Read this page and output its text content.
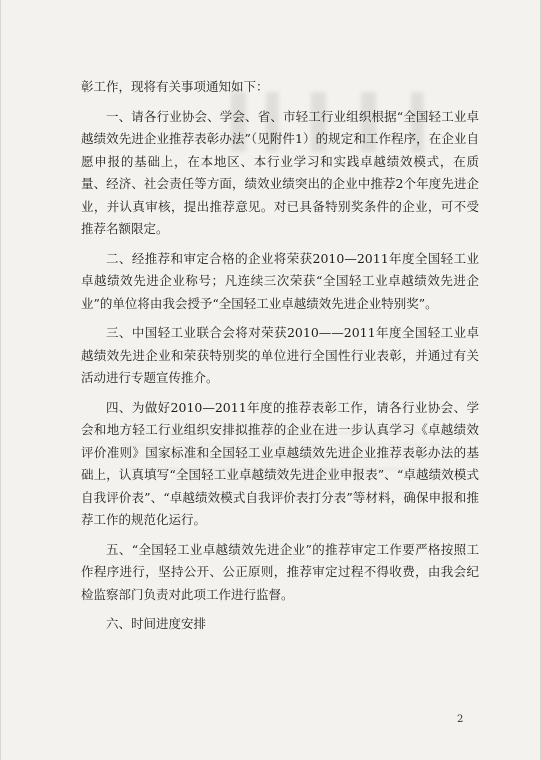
彰工作，现将有关事项通知如下：

一、请各行业协会、学会、省、市轻工行业组织根据“全国轻工业卓越绩效先进企业推荐表彰办法”（见附件1）的规定和工作程序，在企业自愿申报的基础上，在本地区、本行业学习和实践卓越绩效模式，在质量、经济、社会责任等方面，绩效业绩突出的企业中推荐2个年度先进企业，并认真审核，提出推荐意见。对已具备特别奖条件的企业，可不受推荐名额限定。

二、经推荐和审定合格的企业将荣获2010—2011年度全国轻工业卓越绩效先进企业称号；凡连续三次荣获“全国轻工业卓越绩效先进企业”的单位将由我会授予“全国轻工业卓越绩效先进企业特别奖”。

三、中国轻工业联合会将对荣获2010——2011年度全国轻工业卓越绩效先进企业和荣获特别奖的单位进行全国性行业表彰，并通过有关活动进行专题宣传推介。

四、为做好2010—2011年度的推荐表彰工作，请各行业协会、学会和地方轻工行业组织安排拟推荐的企业在进一步认真学习《卓越绩效评价准则》国家标准和全国轻工业卓越绩效先进企业推荐表彰办法的基础上，认真填写“全国轻工业卓越绩效先进企业申报表”、“卓越绩效模式自我评价表”、“卓越绩效模式自我评价表打分表”等材料，确保申报和推荐工作的规范化运行。

五、“全国轻工业卓越绩效先进企业”的推荐审定工作要严格按照工作程序进行，坚持公开、公正原则，推荐审定过程不得收费，由我会纪检监察部门负责对此项工作进行监督。

六、时间进度安排

2
